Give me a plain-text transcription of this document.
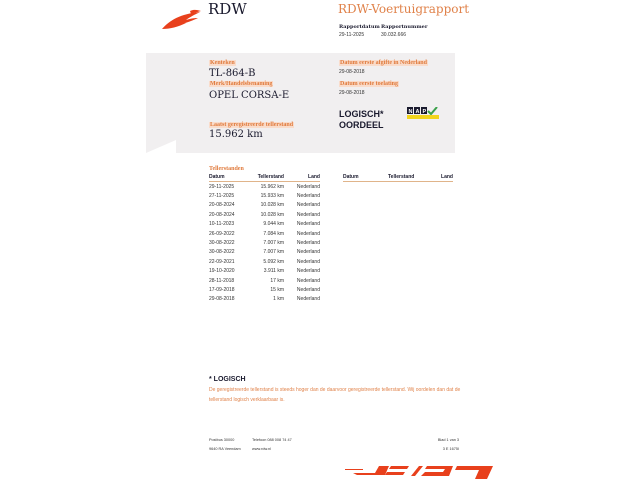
RDW	RDW-Voertuigrapport
Rapportdatum
29-11-2025
Rapportnummer
30.032.666
Kenteken
TL-864-B
Merk/Handelsbenaming
OPEL CORSA-E
Laatst geregistreerde tellerstand
15.962 km
Datum eerste afgifte in Nederland
29-08-2018
Datum eerste toelating
29-08-2018
LOGISCH*
OORDEEL
N A P
Tellerstanden
Datum	Tellerstand	Land
29-11-2025	15.962 km	Nederland
27-11-2025	15.933 km	Nederland
20-08-2024	10.028 km	Nederland
20-08-2024	10.028 km	Nederland
10-11-2023	9.044 km	Nederland
26-09-2022	7.084 km	Nederland
30-08-2022	7.007 km	Nederland
30-08-2022	7.007 km	Nederland
22-09-2021	5.092 km	Nederland
19-10-2020	3.911 km	Nederland
28-11-2018	17 km	Nederland
17-09-2018	15 km	Nederland
29-08-2018	1 km	Nederland
Datum	Tellerstand	Land
* LOGISCH
De geregistreerde tellerstand is steeds hoger dan de daarvoor geregistreerde tellerstand. Wij oordelen dan dat de tellerstand logisch verklaarbaar is.
Postbus 30000
9640 RA Veendam
Telefoon 088 008 74 47
www.rdw.nl
Blad 1 van 3
3 E 1675I
